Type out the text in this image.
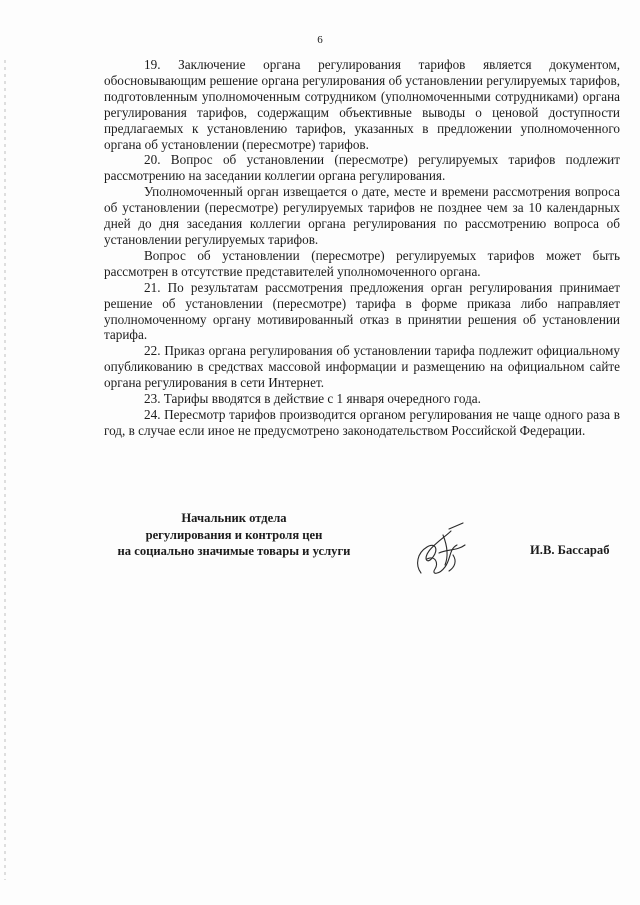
6

19. Заключение органа регулирования тарифов является документом, обосновывающим решение органа регулирования об установлении регулируемых тарифов, подготовленным уполномоченным сотрудником (уполномоченными сотрудниками) органа регулирования тарифов, содержащим объективные выводы о ценовой доступности предлагаемых к установлению тарифов, указанных в предложении уполномоченного органа об установлении (пересмотре) тарифов.

20. Вопрос об установлении (пересмотре) регулируемых тарифов подлежит рассмотрению на заседании коллегии органа регулирования.

Уполномоченный орган извещается о дате, месте и времени рассмотрения вопроса об установлении (пересмотре) регулируемых тарифов не позднее чем за 10 календарных дней до дня заседания коллегии органа регулирования по рассмотрению вопроса об установлении регулируемых тарифов.

Вопрос об установлении (пересмотре) регулируемых тарифов может быть рассмотрен в отсутствие представителей уполномоченного органа.

21. По результатам рассмотрения предложения орган регулирования принимает решение об установлении (пересмотре) тарифа в форме приказа либо направляет уполномоченному органу мотивированный отказ в принятии решения об установлении тарифа.

22. Приказ органа регулирования об установлении тарифа подлежит официальному опубликованию в средствах массовой информации и размещению на официальном сайте органа регулирования в сети Интернет.

23. Тарифы вводятся в действие с 1 января очередного года.

24. Пересмотр тарифов производится органом регулирования не чаще одного раза в год, в случае если иное не предусмотрено законодательством Российской Федерации.

Начальник отдела
регулирования и контроля цен
на социально значимые товары и услуги	И.В. Бассараб
